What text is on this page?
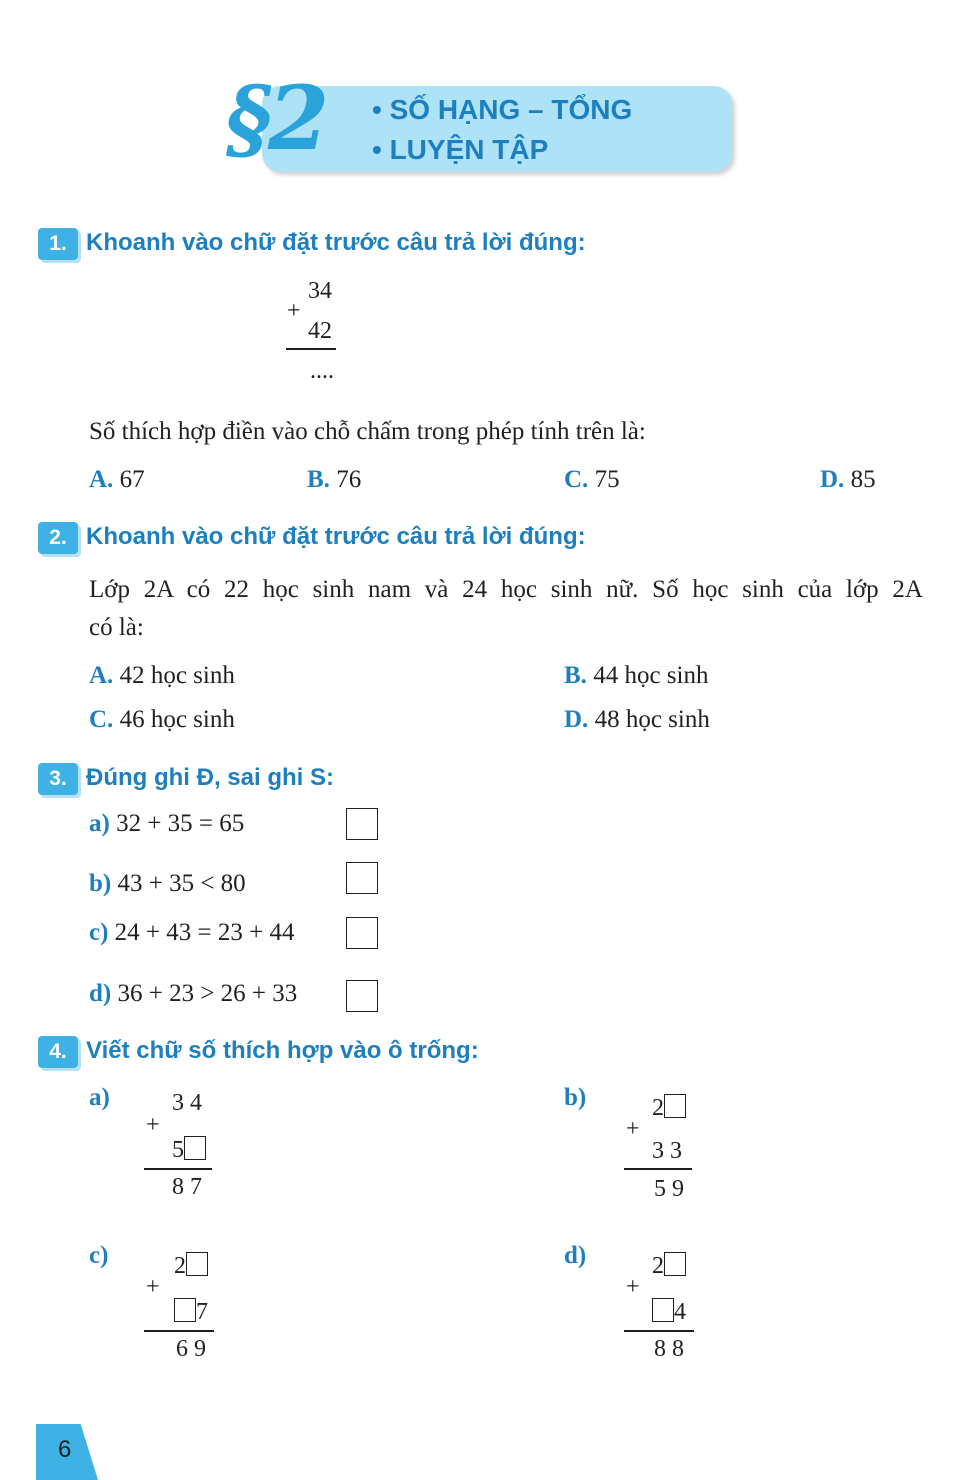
§2 • SỐ HẠNG – TỔNG
• LUYỆN TẬP
1. Khoanh vào chữ đặt trước câu trả lời đúng:
34
+
42
....
Số thích hợp điền vào chỗ chấm trong phép tính trên là:
A. 67	B. 76	C. 75	D. 85
2. Khoanh vào chữ đặt trước câu trả lời đúng:
Lớp 2A có 22 học sinh nam và 24 học sinh nữ. Số học sinh của lớp 2A
có là:
A. 42 học sinh	B. 44 học sinh
C. 46 học sinh	D. 48 học sinh
3. Đúng ghi Đ, sai ghi S:
a) 32 + 35 = 65
b) 43 + 35 < 80
c) 24 + 43 = 23 + 44
d) 36 + 23 > 26 + 33
4. Viết chữ số thích hợp vào ô trống:
a)	3 4
+
5
8 7
b)	2
+
3 3
5 9
c)	2
+
7
6 9
d)	2
+
4
8 8
6
